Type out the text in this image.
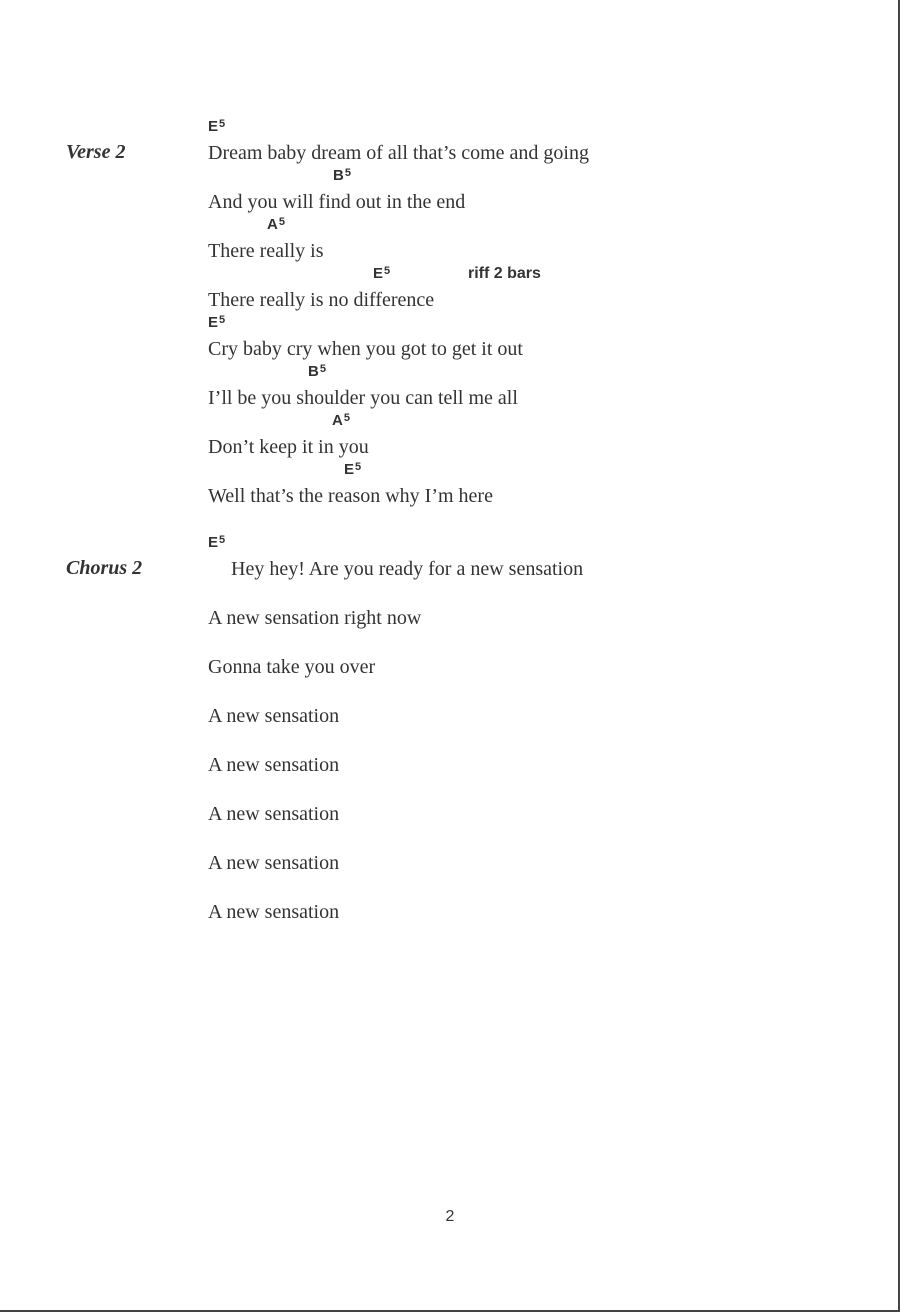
Verse 2
$E^5$
Dream baby dream of all that’s come and going
$B^5$
And you will find out in the end
$A^5$
There really is
$E^5$	riff 2 bars
There really is no difference
$E^5$
Cry baby cry when you got to get it out
$B^5$
I’ll be you shoulder you can tell me all
$A^5$
Don’t keep it in you
$E^5$
Well that’s the reason why I’m here
Chorus 2
$E^5$
Hey hey! Are you ready for a new sensation
A new sensation right now
Gonna take you over
A new sensation
A new sensation
A new sensation
A new sensation
A new sensation
2
